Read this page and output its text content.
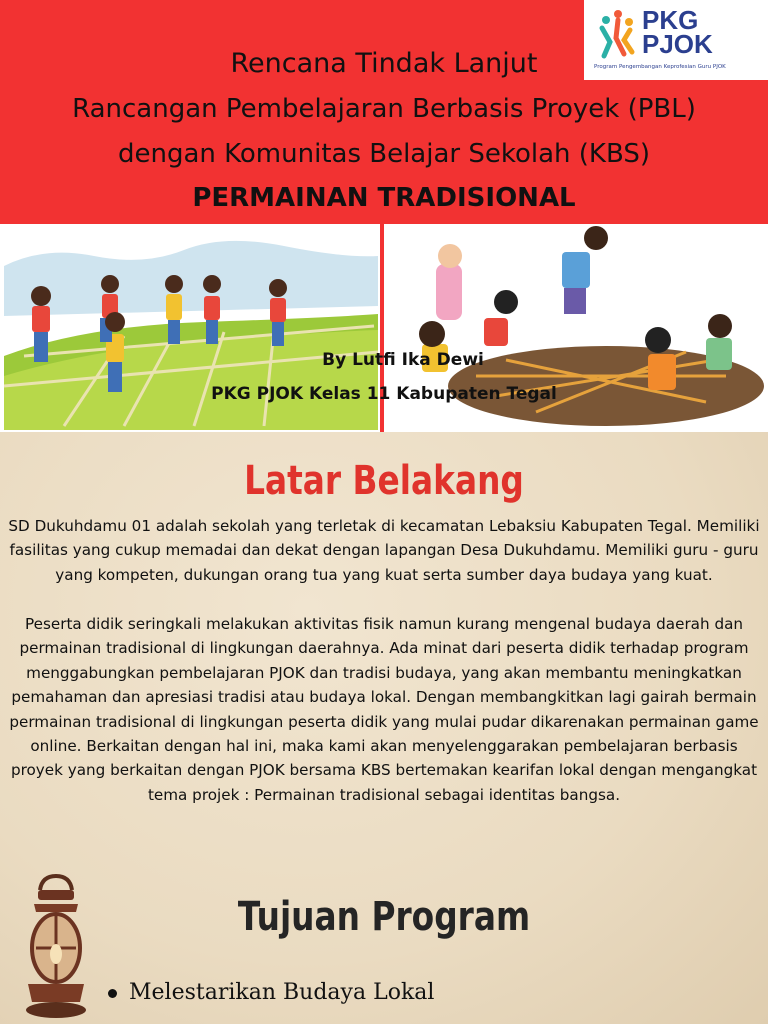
PKG
PJOK
Program Pengembangan Keprofesian Guru PJOK
Rencana Tindak Lanjut
Rancangan Pembelajaran Berbasis Proyek (PBL)
dengan Komunitas Belajar Sekolah (KBS)
PERMAINAN TRADISIONAL
By Lutfi Ika Dewi
PKG PJOK Kelas 11 Kabupaten Tegal
Latar Belakang

SD Dukuhdamu 01 adalah sekolah yang terletak di kecamatan Lebaksiu Kabupaten Tegal. Memiliki fasilitas yang cukup memadai dan dekat dengan lapangan Desa Dukuhdamu. Memiliki guru - guru yang kompeten, dukungan orang tua yang kuat serta sumber daya budaya yang kuat.

Peserta didik seringkali melakukan aktivitas fisik namun kurang mengenal budaya daerah dan permainan tradisional di lingkungan daerahnya. Ada minat dari peserta didik terhadap program menggabungkan pembelajaran PJOK dan tradisi budaya, yang akan membantu meningkatkan pemahaman dan apresiasi tradisi atau budaya lokal. Dengan membangkitkan lagi gairah bermain permainan tradisional di lingkungan peserta didik yang mulai pudar dikarenakan permainan game online. Berkaitan dengan hal ini, maka kami akan menyelenggarakan pembelajaran berbasis proyek yang berkaitan dengan PJOK bersama KBS bertemakan kearifan lokal dengan mengangkat tema projek : Permainan tradisional sebagai identitas bangsa.

Tujuan Program
Melestarikan Budaya Lokal
